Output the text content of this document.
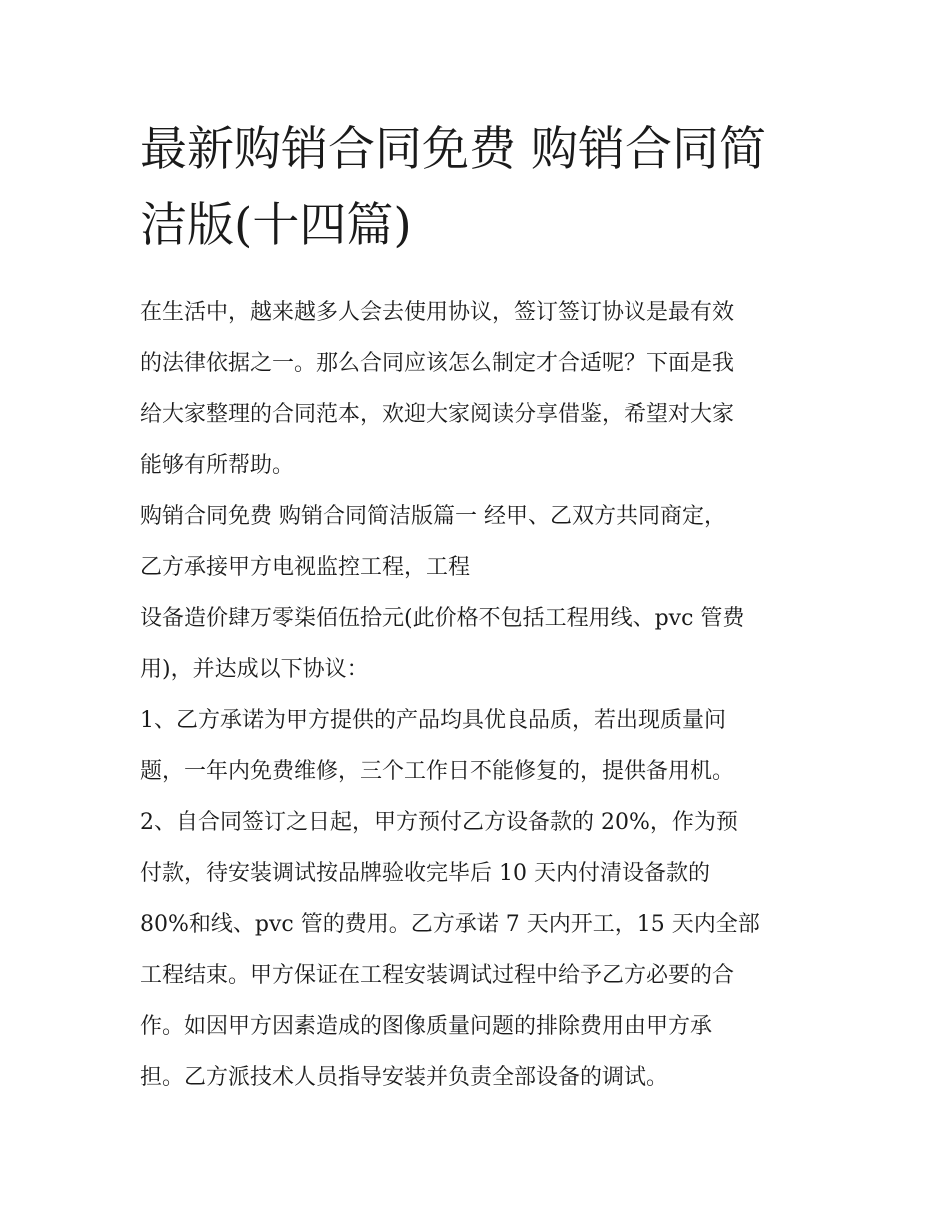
最新购销合同免费 购销合同简
洁版(十四篇)
在生活中，越来越多人会去使用协议，签订签订协议是最有效
的法律依据之一。那么合同应该怎么制定才合适呢？下面是我
给大家整理的合同范本，欢迎大家阅读分享借鉴，希望对大家
能够有所帮助。
购销合同免费 购销合同简洁版篇一 经甲、乙双方共同商定，
乙方承接甲方电视监控工程，工程
设备造价肆万零柒佰伍拾元(此价格不包括工程用线、pvc 管费
用)，并达成以下协议：
1、乙方承诺为甲方提供的产品均具优良品质，若出现质量问
题，一年内免费维修，三个工作日不能修复的，提供备用机。
2、自合同签订之日起，甲方预付乙方设备款的 20%，作为预
付款，待安装调试按品牌验收完毕后 10 天内付清设备款的
80%和线、pvc 管的费用。乙方承诺 7 天内开工，15 天内全部
工程结束。甲方保证在工程安装调试过程中给予乙方必要的合
作。如因甲方因素造成的图像质量问题的排除费用由甲方承
担。乙方派技术人员指导安装并负责全部设备的调试。
